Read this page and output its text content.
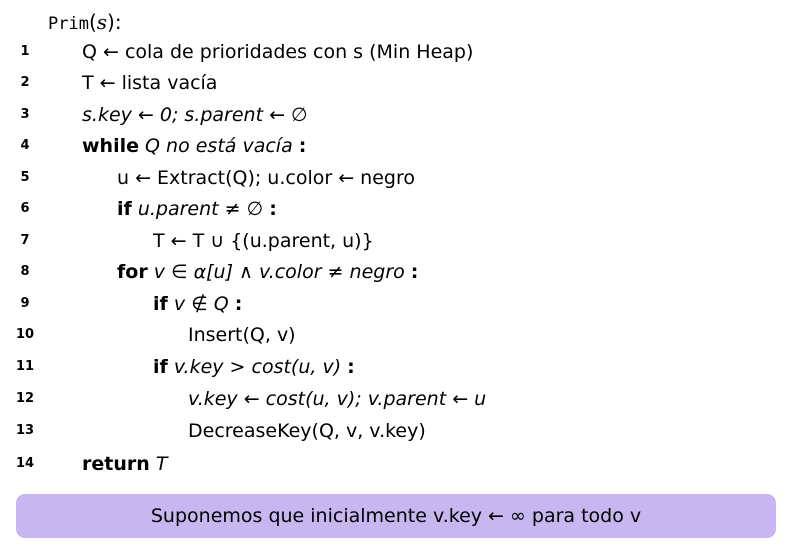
Prim(s):
1	Q ← cola de prioridades con s (Min Heap)
2	T ← lista vacía
3	s.key ← 0; s.parent ← ∅
4	while Q no está vacía :
5	u ← Extract(Q); u.color ← negro
6	if u.parent ≠ ∅ :
7	T ← T ∪ {(u.parent, u)}
8	for v ∈ α[u] ∧ v.color ≠ negro :
9	if v ∉ Q :
10	Insert(Q, v)
11	if v.key > cost(u, v) :
12	v.key ← cost(u, v); v.parent ← u
13	DecreaseKey(Q, v, v.key)
14	return T
Suponemos que inicialmente v.key ← ∞ para todo v
